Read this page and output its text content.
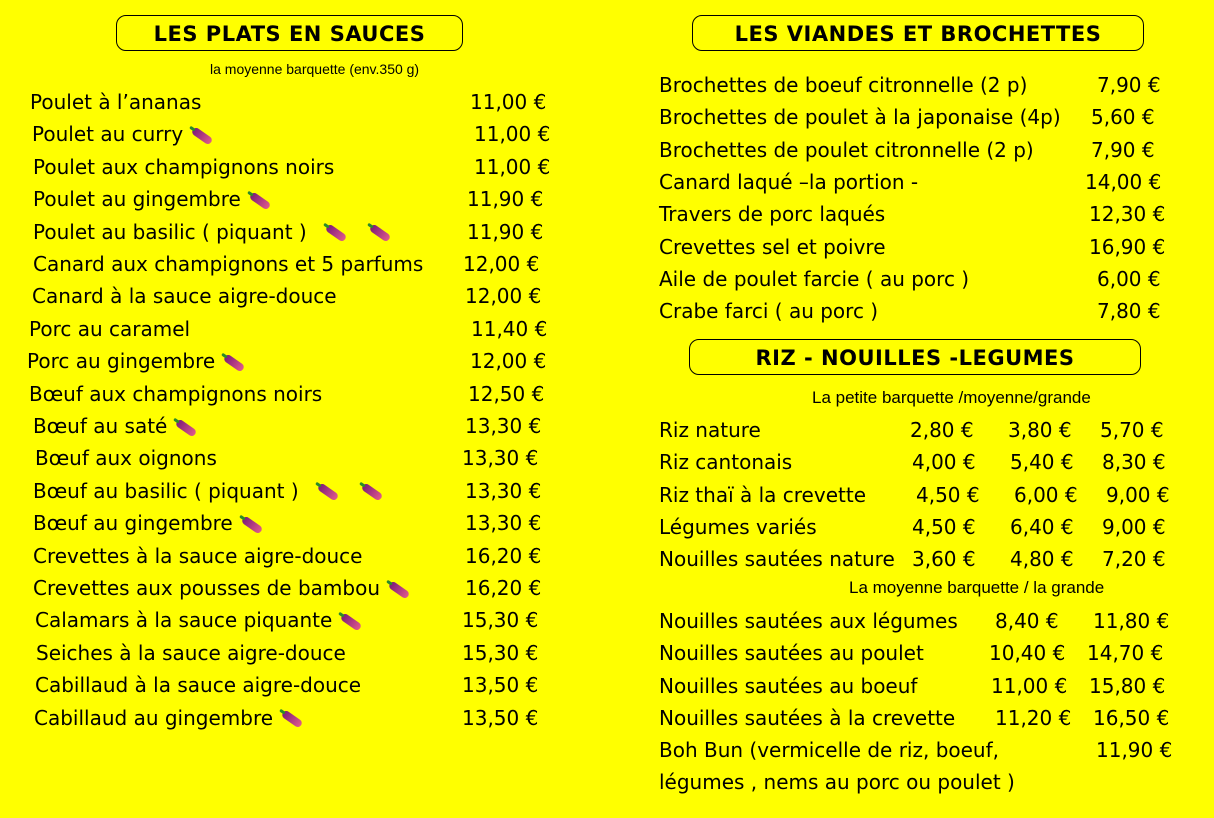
LES PLATS EN SAUCES
la moyenne barquette (env.350 g)
Poulet à l’ananas	11,00 €
Poulet au curry	11,00 €
Poulet aux champignons noirs	11,00 €
Poulet au gingembre	11,90 €
Poulet au basilic ( piquant )	11,90 €
Canard aux champignons et 5 parfums 12,00 €
Canard à la sauce aigre-douce	12,00 €
Porc au caramel	11,40 €
Porc au gingembre	12,00 €
Bœuf aux champignons noirs	12,50 €
Bœuf au saté	13,30 €
Bœuf aux oignons	13,30 €
Bœuf au basilic ( piquant )	13,30 €
Bœuf au gingembre	13,30 €
Crevettes à la sauce aigre-douce	16,20 €
Crevettes aux pousses de bambou	16,20 €
Calamars à la sauce piquante	15,30 €
Seiches à la sauce aigre-douce	15,30 €
Cabillaud à la sauce aigre-douce	13,50 €
Cabillaud au gingembre	13,50 €
LES VIANDES ET BROCHETTES
Brochettes de boeuf citronnelle (2 p)	7,90 €
Brochettes de poulet à la japonaise (4p) 5,60 €
Brochettes de poulet citronnelle (2 p)	7,90 €
Canard laqué –la portion -	14,00 €
Travers de porc laqués	12,30 €
Crevettes sel et poivre	16,90 €
Aile de poulet farcie ( au porc )	6,00 €
Crabe farci ( au porc )	7,80 €
RIZ - NOUILLES -LEGUMES
La petite barquette /moyenne/grande
Riz nature	2,80 € 3,80 € 5,70 €
Riz cantonais	4,00 € 5,40 € 8,30 €
Riz thaï à la crevette	4,50 € 6,00 € 9,00 €
Légumes variés	4,50 € 6,40 € 9,00 €
Nouilles sautées nature 3,60 € 4,80 € 7,20 €
La moyenne barquette / la grande
Nouilles sautées aux légumes 8,40 € 11,80 €
Nouilles sautées au poulet	10,40 € 14,70 €
Nouilles sautées au boeuf	11,00 € 15,80 €
Nouilles sautées à la crevette 11,20 € 16,50 €
Boh Bun (vermicelle de riz, boeuf,	11,90 €
légumes , nems au porc ou poulet )
